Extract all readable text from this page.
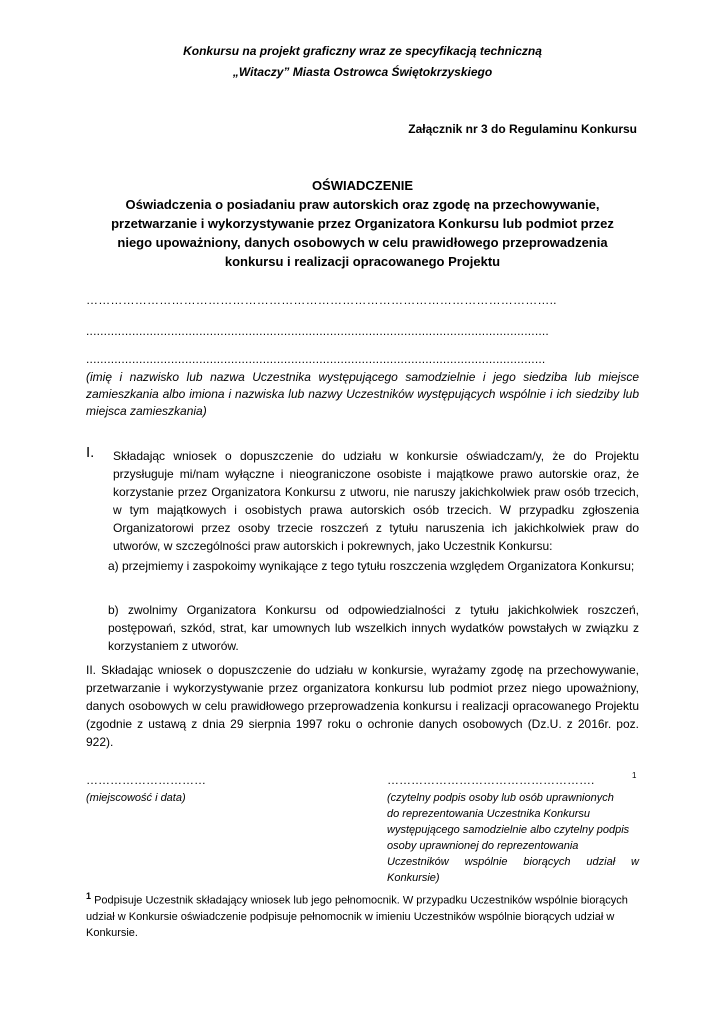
Konkursu na projekt graficzny wraz ze specyfikacją techniczną
„Witaczy” Miasta Ostrowca Świętokrzyskiego
Załącznik nr 3 do Regulaminu Konkursu
OŚWIADCZENIE
Oświadczenia o posiadaniu praw autorskich oraz zgodę na przechowywanie,
przetwarzanie i wykorzystywanie przez Organizatora Konkursu lub podmiot przez
niego upoważniony, danych osobowych w celu prawidłowego przeprowadzenia
konkursu i realizacji opracowanego Projektu
……………………………………………………………………………………………………..
...................................................................................................................................
..................................................................................................................................
(imię i nazwisko lub nazwa Uczestnika występującego samodzielnie i jego siedziba lub miejsce zamieszkania albo imiona i nazwiska lub nazwy Uczestników występujących wspólnie i ich siedziby lub miejsca zamieszkania)
I. Składając wniosek o dopuszczenie do udziału w konkursie oświadczam/y, że do Projektu przysługuje mi/nam wyłączne i nieograniczone osobiste i majątkowe prawo autorskie oraz, że korzystanie przez Organizatora Konkursu z utworu, nie naruszy jakichkolwiek praw osób trzecich, w tym majątkowych i osobistych prawa autorskich osób trzecich. W przypadku zgłoszenia Organizatorowi przez osoby trzecie roszczeń z tytułu naruszenia ich jakichkolwiek praw do utworów, w szczególności praw autorskich i pokrewnych, jako Uczestnik Konkursu:
a) przejmiemy i zaspokoimy wynikające z tego tytułu roszczenia względem Organizatora Konkursu;
b) zwolnimy Organizatora Konkursu od odpowiedzialności z tytułu jakichkolwiek roszczeń, postępowań, szkód, strat, kar umownych lub wszelkich innych wydatków powstałych w związku z korzystaniem z utworów.
II. Składając wniosek o dopuszczenie do udziału w konkursie, wyrażamy zgodę na przechowywanie, przetwarzanie i wykorzystywanie przez organizatora konkursu lub podmiot przez niego upoważniony, danych osobowych w celu prawidłowego przeprowadzenia konkursu i realizacji opracowanego Projektu (zgodnie z ustawą z dnia 29 sierpnia 1997 roku o ochronie danych osobowych (Dz.U. z 2016r. poz. 922).
…………………………	…………………………………………….	1
(miejscowość i data)	(czytelny podpis osoby lub osób uprawnionych
do reprezentowania Uczestnika Konkursu
występującego samodzielnie albo czytelny podpis
osoby uprawnionej do reprezentowania
Uczestników wspólnie biorących udział w
Konkursie)
$^1$ Podpisuje Uczestnik składający wniosek lub jego pełnomocnik. W przypadku Uczestników wspólnie biorących udział w Konkursie oświadczenie podpisuje pełnomocnik w imieniu Uczestników wspólnie biorących udział w Konkursie.
